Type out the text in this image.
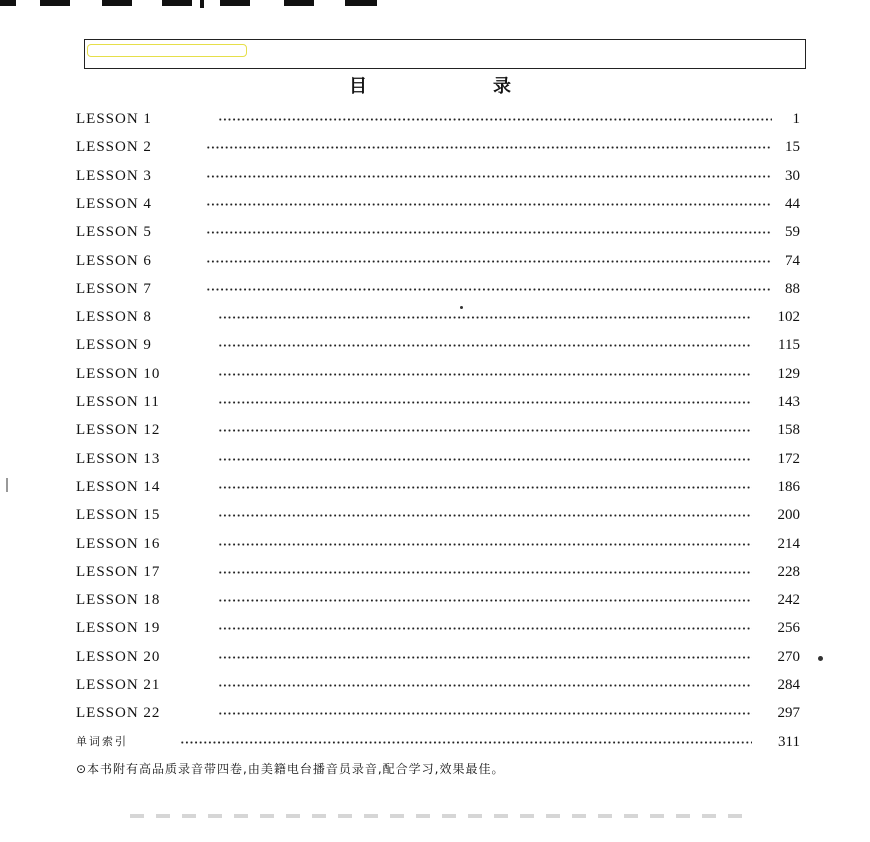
目　录
LESSON 1	1
LESSON 2	15
LESSON 3	30
LESSON 4	44
LESSON 5	59
LESSON 6	74
LESSON 7	88
LESSON 8	102
LESSON 9	115
LESSON 10	129
LESSON 11	143
LESSON 12	158
LESSON 13	172
LESSON 14	186
LESSON 15	200
LESSON 16	214
LESSON 17	228
LESSON 18	242
LESSON 19	256
LESSON 20	270
LESSON 21	284
LESSON 22	297
单词索引	311
⊙本书附有高品质录音带四卷,由美籍电台播音员录音,配合学习,效果最佳。
